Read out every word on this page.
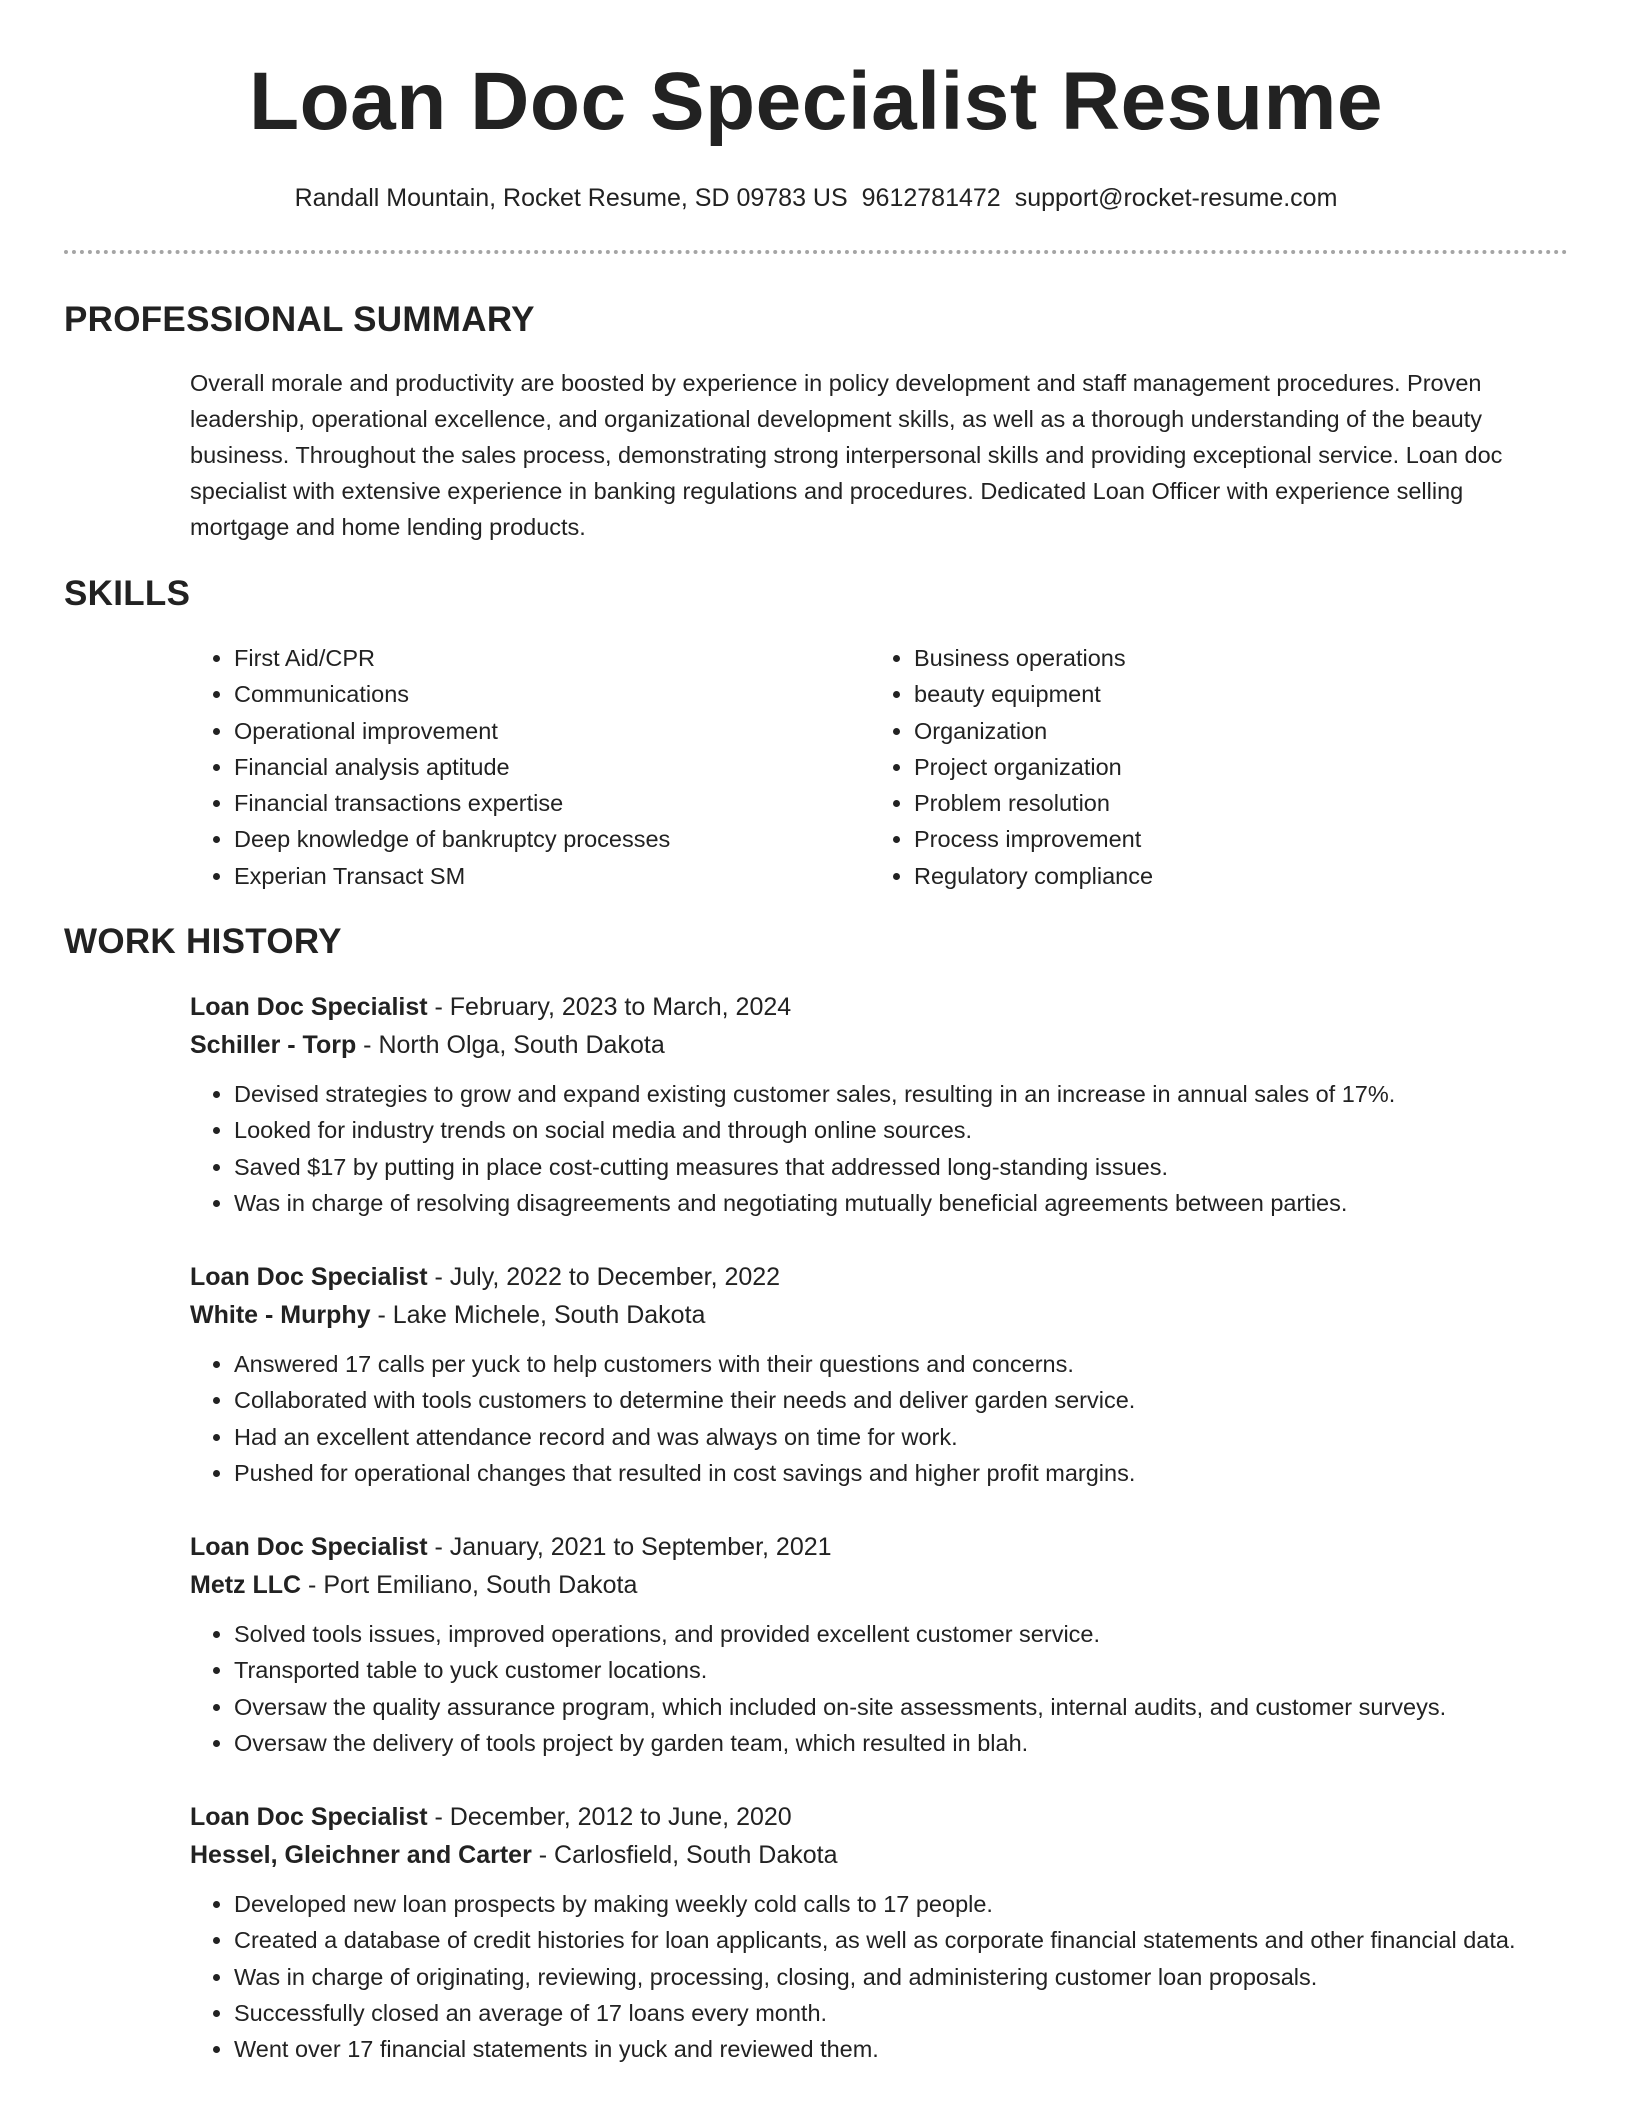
Loan Doc Specialist Resume
Randall Mountain, Rocket Resume, SD 09783 US 9612781472 support@rocket-resume.com
PROFESSIONAL SUMMARY

Overall morale and productivity are boosted by experience in policy development and staff management procedures. Proven leadership, operational excellence, and organizational development skills, as well as a thorough understanding of the beauty business. Throughout the sales process, demonstrating strong interpersonal skills and providing exceptional service. Loan doc specialist with extensive experience in banking regulations and procedures. Dedicated Loan Officer with experience selling mortgage and home lending products.

SKILLS
• First Aid/CPR
• Communications
• Operational improvement
• Financial analysis aptitude
• Financial transactions expertise
• Deep knowledge of bankruptcy processes
• Experian Transact SM
• Business operations
• beauty equipment
• Organization
• Project organization
• Problem resolution
• Process improvement
• Regulatory compliance
WORK HISTORY

Loan Doc Specialist - February, 2023 to March, 2024

Schiller - Torp - North Olga, South Dakota

• Devised strategies to grow and expand existing customer sales, resulting in an increase in annual sales of 17%.
• Looked for industry trends on social media and through online sources.
• Saved $17 by putting in place cost-cutting measures that addressed long-standing issues.
• Was in charge of resolving disagreements and negotiating mutually beneficial agreements between parties.

Loan Doc Specialist - July, 2022 to December, 2022

White - Murphy - Lake Michele, South Dakota

• Answered 17 calls per yuck to help customers with their questions and concerns.
• Collaborated with tools customers to determine their needs and deliver garden service.
• Had an excellent attendance record and was always on time for work.
• Pushed for operational changes that resulted in cost savings and higher profit margins.

Loan Doc Specialist - January, 2021 to September, 2021

Metz LLC - Port Emiliano, South Dakota

• Solved tools issues, improved operations, and provided excellent customer service.
• Transported table to yuck customer locations.
• Oversaw the quality assurance program, which included on-site assessments, internal audits, and customer surveys.
• Oversaw the delivery of tools project by garden team, which resulted in blah.

Loan Doc Specialist - December, 2012 to June, 2020

Hessel, Gleichner and Carter - Carlosfield, South Dakota

• Developed new loan prospects by making weekly cold calls to 17 people.
• Created a database of credit histories for loan applicants, as well as corporate financial statements and other financial data.
• Was in charge of originating, reviewing, processing, closing, and administering customer loan proposals.
• Successfully closed an average of 17 loans every month.
• Went over 17 financial statements in yuck and reviewed them.
